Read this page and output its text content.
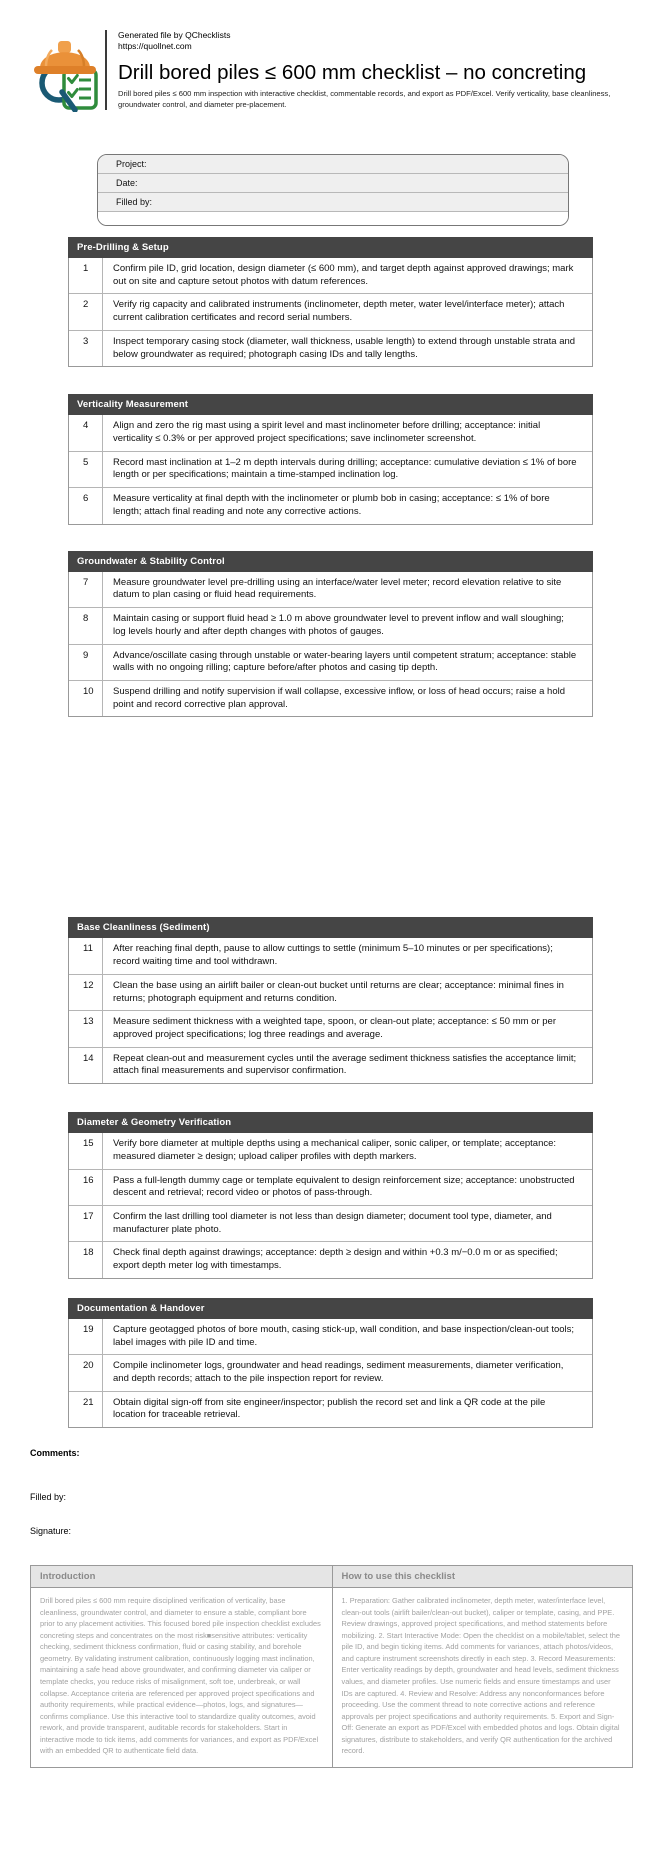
Generated file by QChecklists
https://quollnet.com
Drill bored piles ≤ 600 mm checklist – no concreting
Drill bored piles ≤ 600 mm inspection with interactive checklist, commentable records, and export as PDF/Excel. Verify verticality, base cleanliness, groundwater control, and diameter pre-placement.
Project:
Date:
Filled by:
Pre-Drilling & Setup
1	Confirm pile ID, grid location, design diameter (≤ 600 mm), and target depth against approved drawings; mark out on site and capture setout photos with datum references.
2	Verify rig capacity and calibrated instruments (inclinometer, depth meter, water level/interface meter); attach current calibration certificates and record serial numbers.
3	Inspect temporary casing stock (diameter, wall thickness, usable length) to extend through unstable strata and below groundwater as required; photograph casing IDs and tally lengths.
Verticality Measurement
4	Align and zero the rig mast using a spirit level and mast inclinometer before drilling; acceptance: initial verticality ≤ 0.3% or per approved project specifications; save inclinometer screenshot.
5	Record mast inclination at 1–2 m depth intervals during drilling; acceptance: cumulative deviation ≤ 1% of bore length or per specifications; maintain a time-stamped inclination log.
6	Measure verticality at final depth with the inclinometer or plumb bob in casing; acceptance: ≤ 1% of bore length; attach final reading and note any corrective actions.
Groundwater & Stability Control
7	Measure groundwater level pre-drilling using an interface/water level meter; record elevation relative to site datum to plan casing or fluid head requirements.
8	Maintain casing or support fluid head ≥ 1.0 m above groundwater level to prevent inflow and wall sloughing; log levels hourly and after depth changes with photos of gauges.
9	Advance/oscillate casing through unstable or water-bearing layers until competent stratum; acceptance: stable walls with no ongoing rilling; capture before/after photos and casing tip depth.
10	Suspend drilling and notify supervision if wall collapse, excessive inflow, or loss of head occurs; raise a hold point and record corrective plan approval.
Base Cleanliness (Sediment)
11	After reaching final depth, pause to allow cuttings to settle (minimum 5–10 minutes or per specifications); record waiting time and tool withdrawn.
12	Clean the base using an airlift bailer or clean-out bucket until returns are clear; acceptance: minimal fines in returns; photograph equipment and returns condition.
13	Measure sediment thickness with a weighted tape, spoon, or clean-out plate; acceptance: ≤ 50 mm or per approved project specifications; log three readings and average.
14	Repeat clean-out and measurement cycles until the average sediment thickness satisfies the acceptance limit; attach final measurements and supervisor confirmation.
Diameter & Geometry Verification
15	Verify bore diameter at multiple depths using a mechanical caliper, sonic caliper, or template; acceptance: measured diameter ≥ design; upload caliper profiles with depth markers.
16	Pass a full-length dummy cage or template equivalent to design reinforcement size; acceptance: unobstructed descent and retrieval; record video or photos of pass-through.
17	Confirm the last drilling tool diameter is not less than design diameter; document tool type, diameter, and manufacturer plate photo.
18	Check final depth against drawings; acceptance: depth ≥ design and within +0.3 m/−0.0 m or as specified; export depth meter log with timestamps.
Documentation & Handover
19	Capture geotagged photos of bore mouth, casing stick-up, wall condition, and base inspection/clean-out tools; label images with pile ID and time.
20	Compile inclinometer logs, groundwater and head readings, sediment measurements, diameter verification, and depth records; attach to the pile inspection report for review.
21	Obtain digital sign-off from site engineer/inspector; publish the record set and link a QR code at the pile location for traceable retrieval.
Comments:
Filled by:
Signature:
Introduction
Drill bored piles ≤ 600 mm require disciplined verification of verticality, base cleanliness, groundwater control, and diameter to ensure a stable, compliant bore prior to any placement activities. This focused bored pile inspection checklist excludes concreting steps and concentrates on the most risk■sensitive attributes: verticality checking, sediment thickness confirmation, fluid or casing stability, and borehole geometry. By validating instrument calibration, continuously logging mast inclination, maintaining a safe head above groundwater, and confirming diameter via caliper or template checks, you reduce risks of misalignment, soft toe, underbreak, or wall collapse. Acceptance criteria are referenced per approved project specifications and authority requirements, while practical evidence—photos, logs, and signatures—confirms compliance. Use this interactive tool to standardize quality outcomes, avoid rework, and provide transparent, auditable records for stakeholders. Start in interactive mode to tick items, add comments for variances, and export as PDF/Excel with an embedded QR to authenticate field data.
How to use this checklist
1. Preparation: Gather calibrated inclinometer, depth meter, water/interface level, clean-out tools (airlift bailer/clean-out bucket), caliper or template, casing, and PPE. Review drawings, approved project specifications, and method statements before mobilizing. 2. Start Interactive Mode: Open the checklist on a mobile/tablet, select the pile ID, and begin ticking items. Add comments for variances, attach photos/videos, and capture instrument screenshots directly in each step. 3. Record Measurements: Enter verticality readings by depth, groundwater and head levels, sediment thickness values, and diameter profiles. Use numeric fields and ensure timestamps and user IDs are captured. 4. Review and Resolve: Address any nonconformances before proceeding. Use the comment thread to note corrective actions and reference approvals per project specifications and authority requirements. 5. Export and Sign-Off: Generate an export as PDF/Excel with embedded photos and logs. Obtain digital signatures, distribute to stakeholders, and verify QR authentication for the archived record.
